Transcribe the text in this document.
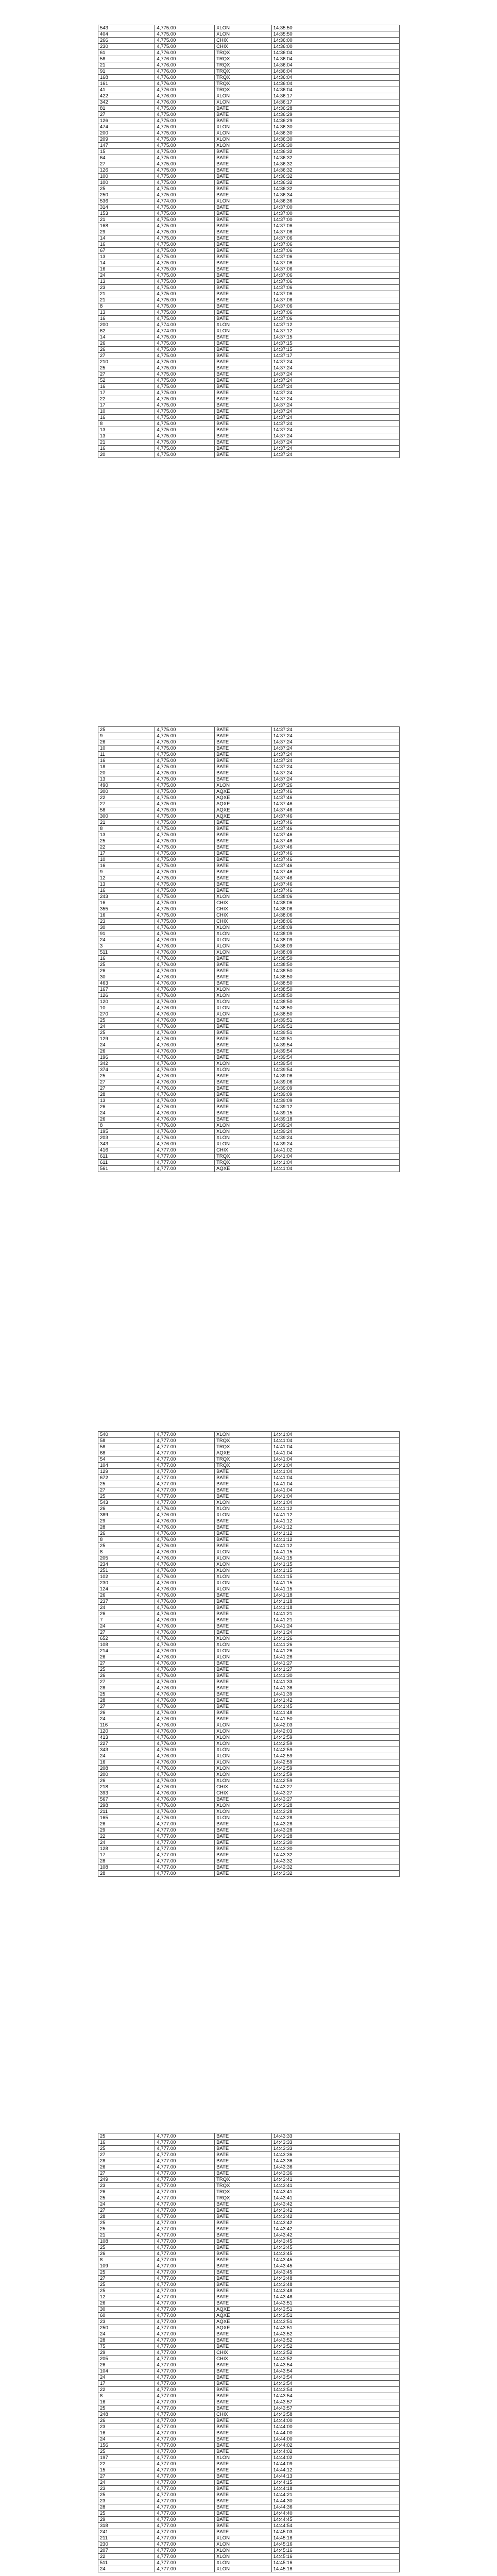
543	4,775.00	XLON	14:35:50
404	4,775.00	XLON	14:35:50
266	4,775.00	CHIX	14:36:00
230	4,775.00	CHIX	14:36:00
61	4,776.00	TRQX	14:36:04
58	4,776.00	TRQX	14:36:04
21	4,776.00	TRQX	14:36:04
91	4,776.00	TRQX	14:36:04
168	4,776.00	TRQX	14:36:04
161	4,776.00	TRQX	14:36:04
41	4,776.00	TRQX	14:36:04
422	4,776.00	XLON	14:36:17
342	4,776.00	XLON	14:36:17
81	4,775.00	BATE	14:36:28
27	4,775.00	BATE	14:36:29
126	4,775.00	BATE	14:36:29
474	4,775.00	XLON	14:36:30
200	4,775.00	XLON	14:36:30
209	4,775.00	XLON	14:36:30
147	4,775.00	XLON	14:36:30
15	4,775.00	BATE	14:36:32
64	4,775.00	BATE	14:36:32
27	4,775.00	BATE	14:36:32
126	4,775.00	BATE	14:36:32
100	4,775.00	BATE	14:36:32
100	4,775.00	BATE	14:36:32
25	4,775.00	BATE	14:36:32
250	4,775.00	BATE	14:36:34
536	4,774.00	XLON	14:36:36
314	4,775.00	BATE	14:37:00
153	4,775.00	BATE	14:37:00
21	4,775.00	BATE	14:37:00
168	4,775.00	BATE	14:37:06
29	4,775.00	BATE	14:37:06
14	4,775.00	BATE	14:37:06
16	4,775.00	BATE	14:37:06
67	4,775.00	BATE	14:37:06
13	4,775.00	BATE	14:37:06
14	4,775.00	BATE	14:37:06
16	4,775.00	BATE	14:37:06
24	4,775.00	BATE	14:37:06
13	4,775.00	BATE	14:37:06
23	4,775.00	BATE	14:37:06
21	4,775.00	BATE	14:37:06
21	4,775.00	BATE	14:37:06
8	4,775.00	BATE	14:37:06
13	4,775.00	BATE	14:37:06
16	4,775.00	BATE	14:37:06
200	4,774.00	XLON	14:37:12
62	4,774.00	XLON	14:37:12
14	4,775.00	BATE	14:37:15
26	4,775.00	BATE	14:37:15
26	4,775.00	BATE	14:37:15
27	4,775.00	BATE	14:37:17
210	4,775.00	BATE	14:37:24
25	4,775.00	BATE	14:37:24
27	4,775.00	BATE	14:37:24
52	4,775.00	BATE	14:37:24
16	4,775.00	BATE	14:37:24
17	4,775.00	BATE	14:37:24
22	4,775.00	BATE	14:37:24
17	4,775.00	BATE	14:37:24
10	4,775.00	BATE	14:37:24
16	4,775.00	BATE	14:37:24
8	4,775.00	BATE	14:37:24
13	4,775.00	BATE	14:37:24
13	4,775.00	BATE	14:37:24
21	4,775.00	BATE	14:37:24
16	4,775.00	BATE	14:37:24
20	4,775.00	BATE	14:37:24
25	4,775.00	BATE	14:37:24
9	4,775.00	BATE	14:37:24
26	4,775.00	BATE	14:37:24
10	4,775.00	BATE	14:37:24
11	4,775.00	BATE	14:37:24
16	4,775.00	BATE	14:37:24
18	4,775.00	BATE	14:37:24
20	4,775.00	BATE	14:37:24
13	4,775.00	BATE	14:37:24
490	4,775.00	XLON	14:37:26
300	4,775.00	AQXE	14:37:46
22	4,775.00	AQXE	14:37:46
27	4,775.00	AQXE	14:37:46
58	4,775.00	AQXE	14:37:46
300	4,775.00	AQXE	14:37:46
21	4,775.00	BATE	14:37:46
8	4,775.00	BATE	14:37:46
13	4,775.00	BATE	14:37:46
25	4,775.00	BATE	14:37:46
22	4,775.00	BATE	14:37:46
17	4,775.00	BATE	14:37:46
10	4,775.00	BATE	14:37:46
16	4,775.00	BATE	14:37:46
9	4,775.00	BATE	14:37:46
12	4,775.00	BATE	14:37:46
13	4,775.00	BATE	14:37:46
16	4,775.00	BATE	14:37:46
243	4,775.00	XLON	14:38:06
16	4,775.00	CHIX	14:38:06
355	4,775.00	CHIX	14:38:06
16	4,775.00	CHIX	14:38:06
23	4,775.00	CHIX	14:38:06
30	4,776.00	XLON	14:38:09
91	4,776.00	XLON	14:38:09
24	4,776.00	XLON	14:38:09
3	4,776.00	XLON	14:38:09
511	4,776.00	XLON	14:38:09
16	4,776.00	BATE	14:38:50
25	4,776.00	BATE	14:38:50
26	4,776.00	BATE	14:38:50
30	4,776.00	BATE	14:38:50
463	4,776.00	BATE	14:38:50
167	4,776.00	XLON	14:38:50
126	4,776.00	XLON	14:38:50
120	4,776.00	XLON	14:38:50
10	4,776.00	XLON	14:38:50
270	4,776.00	XLON	14:38:50
25	4,776.00	BATE	14:39:51
24	4,776.00	BATE	14:39:51
25	4,776.00	BATE	14:39:51
129	4,776.00	BATE	14:39:51
24	4,776.00	BATE	14:39:54
26	4,776.00	BATE	14:39:54
196	4,776.00	BATE	14:39:54
342	4,776.00	XLON	14:39:54
374	4,776.00	XLON	14:39:54
25	4,776.00	BATE	14:39:06
27	4,776.00	BATE	14:39:06
27	4,776.00	BATE	14:39:09
28	4,776.00	BATE	14:39:09
13	4,776.00	BATE	14:39:09
26	4,776.00	BATE	14:39:12
24	4,776.00	BATE	14:39:15
26	4,776.00	BATE	14:39:18
8	4,776.00	XLON	14:39:24
195	4,776.00	XLON	14:39:24
203	4,776.00	XLON	14:39:24
343	4,776.00	XLON	14:39:24
416	4,777.00	CHIX	14:41:02
611	4,777.00	TRQX	14:41:04
611	4,777.00	TRQX	14:41:04
561	4,777.00	AQXE	14:41:04
540	4,777.00	XLON	14:41:04
58	4,777.00	TRQX	14:41:04
58	4,777.00	TRQX	14:41:04
68	4,777.00	AQXE	14:41:04
54	4,777.00	TRQX	14:41:04
104	4,777.00	TRQX	14:41:04
129	4,777.00	BATE	14:41:04
672	4,777.00	BATE	14:41:04
25	4,777.00	BATE	14:41:04
27	4,777.00	BATE	14:41:04
25	4,777.00	BATE	14:41:04
543	4,777.00	XLON	14:41:04
26	4,776.00	XLON	14:41:12
389	4,776.00	XLON	14:41:12
29	4,776.00	BATE	14:41:12
28	4,776.00	BATE	14:41:12
26	4,776.00	BATE	14:41:12
8	4,776.00	BATE	14:41:12
25	4,776.00	BATE	14:41:12
8	4,776.00	XLON	14:41:15
205	4,776.00	XLON	14:41:15
234	4,776.00	XLON	14:41:15
251	4,776.00	XLON	14:41:15
102	4,776.00	XLON	14:41:15
230	4,776.00	XLON	14:41:15
124	4,776.00	XLON	14:41:15
26	4,776.00	BATE	14:41:18
237	4,776.00	BATE	14:41:18
24	4,776.00	BATE	14:41:18
26	4,776.00	BATE	14:41:21
7	4,776.00	BATE	14:41:21
24	4,776.00	BATE	14:41:24
27	4,776.00	BATE	14:41:24
652	4,776.00	XLON	14:41:26
108	4,776.00	XLON	14:41:26
214	4,776.00	XLON	14:41:26
26	4,776.00	XLON	14:41:26
27	4,776.00	BATE	14:41:27
25	4,776.00	BATE	14:41:27
26	4,776.00	BATE	14:41:30
27	4,776.00	BATE	14:41:33
28	4,776.00	BATE	14:41:36
25	4,776.00	BATE	14:41:39
28	4,776.00	BATE	14:41:42
27	4,776.00	BATE	14:41:45
26	4,776.00	BATE	14:41:48
24	4,776.00	BATE	14:41:50
116	4,776.00	XLON	14:42:03
120	4,776.00	XLON	14:42:03
413	4,776.00	XLON	14:42:59
227	4,776.00	XLON	14:42:59
343	4,776.00	XLON	14:42:59
24	4,776.00	XLON	14:42:59
16	4,776.00	XLON	14:42:59
208	4,776.00	XLON	14:42:59
200	4,776.00	XLON	14:42:59
26	4,776.00	XLON	14:42:59
218	4,776.00	CHIX	14:43:27
393	4,776.00	CHIX	14:43:27
567	4,776.00	BATE	14:43:27
298	4,776.00	XLON	14:43:28
211	4,776.00	XLON	14:43:28
165	4,776.00	XLON	14:43:28
26	4,777.00	BATE	14:43:28
29	4,777.00	BATE	14:43:28
22	4,777.00	BATE	14:43:28
24	4,777.00	BATE	14:43:30
128	4,777.00	BATE	14:43:30
17	4,777.00	BATE	14:43:32
28	4,777.00	BATE	14:43:32
108	4,777.00	BATE	14:43:32
28	4,777.00	BATE	14:43:32
25	4,777.00	BATE	14:43:33
16	4,777.00	BATE	14:43:33
25	4,777.00	BATE	14:43:33
27	4,777.00	BATE	14:43:36
28	4,777.00	BATE	14:43:36
26	4,777.00	BATE	14:43:36
27	4,777.00	BATE	14:43:36
249	4,777.00	TRQX	14:43:41
23	4,777.00	TRQX	14:43:41
26	4,777.00	TRQX	14:43:41
25	4,777.00	TRQX	14:43:41
24	4,777.00	BATE	14:43:42
27	4,777.00	BATE	14:43:42
28	4,777.00	BATE	14:43:42
25	4,777.00	BATE	14:43:42
25	4,777.00	BATE	14:43:42
21	4,777.00	BATE	14:43:42
108	4,777.00	BATE	14:43:45
25	4,777.00	BATE	14:43:45
26	4,777.00	BATE	14:43:45
8	4,777.00	BATE	14:43:45
109	4,777.00	BATE	14:43:45
25	4,777.00	BATE	14:43:45
27	4,777.00	BATE	14:43:48
25	4,777.00	BATE	14:43:48
25	4,777.00	BATE	14:43:48
12	4,777.00	BATE	14:43:48
26	4,777.00	BATE	14:43:51
30	4,777.00	AQXE	14:43:51
60	4,777.00	AQXE	14:43:51
23	4,777.00	AQXE	14:43:51
250	4,777.00	AQXE	14:43:51
24	4,777.00	BATE	14:43:52
28	4,777.00	BATE	14:43:52
75	4,777.00	BATE	14:43:52
29	4,777.00	CHIX	14:43:52
205	4,777.00	CHIX	14:43:52
26	4,777.00	BATE	14:43:54
104	4,777.00	BATE	14:43:54
24	4,777.00	BATE	14:43:54
17	4,777.00	BATE	14:43:54
22	4,777.00	BATE	14:43:54
8	4,777.00	BATE	14:43:54
16	4,777.00	BATE	14:43:57
25	4,777.00	BATE	14:43:57
248	4,777.00	CHIX	14:43:58
26	4,777.00	BATE	14:44:00
23	4,777.00	BATE	14:44:00
16	4,777.00	BATE	14:44:00
24	4,777.00	BATE	14:44:00
156	4,777.00	BATE	14:44:02
25	4,777.00	BATE	14:44:02
197	4,777.00	XLON	14:44:02
22	4,777.00	BATE	14:44:09
15	4,777.00	BATE	14:44:12
27	4,777.00	BATE	14:44:13
24	4,777.00	BATE	14:44:15
23	4,777.00	BATE	14:44:18
25	4,777.00	BATE	14:44:21
23	4,777.00	BATE	14:44:30
28	4,777.00	BATE	14:44:36
25	4,777.00	BATE	14:44:40
29	4,777.00	BATE	14:44:45
318	4,777.00	BATE	14:44:54
241	4,777.00	BATE	14:45:03
211	4,777.00	XLON	14:45:16
230	4,777.00	XLON	14:45:16
207	4,777.00	XLON	14:45:16
22	4,777.00	XLON	14:45:16
511	4,777.00	XLON	14:45:16
24	4,777.00	XLON	14:45:16
